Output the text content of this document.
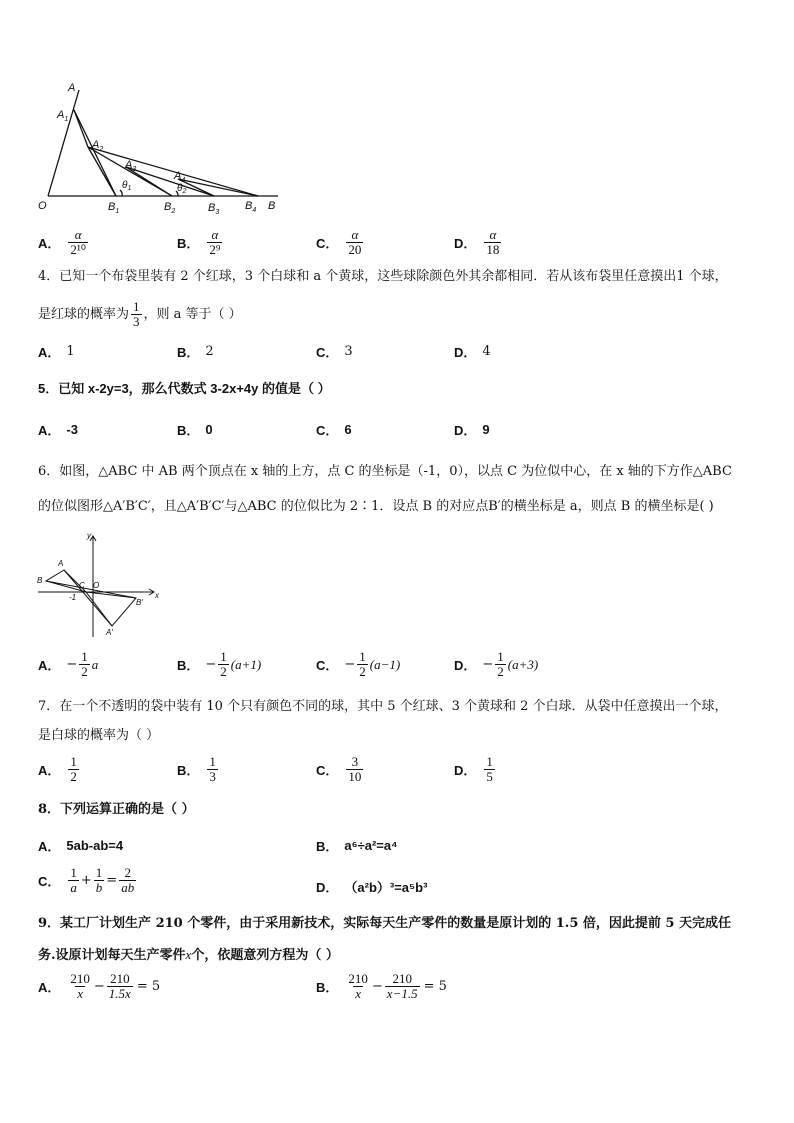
A
$A_1$
$A_2$
$A_3$
$A_4$
O	$B_1$	$B_2$	$B_3$
$B_4$ B
$\theta_1$	$\theta_2$
A． $\frac{\alpha}{\text{2¹⁰}}$	B． $\frac{\alpha}{\text{2⁹}}$	C． $\frac{\alpha}{20}$	D． $\frac{\alpha}{18}$
4．已知一个布袋里装有 2 个红球，3 个白球和 a 个黄球，这些球除颜色外其余都相同．若从该布袋里任意摸出1 个球，
是红球的概率为 $\frac{1}{3}$ ，则 a 等于（ ）
A． 1	B． 2	C． 3	D． 4
5．已知 x-2y=3，那么代数式 3-2x+4y 的值是（ ）
A． -3	B． 0	C． 6	D． 9
6．如图，△ABC 中 AB 两个顶点在 x 轴的上方，点 C 的坐标是（-1，0），以点 C 为位似中心，在 x 轴的下方作△ABC
的位似图形△A′B′C′，且△A′B′C′与△ABC 的位似比为 2∶1．设点 B 的对应点B′的横坐标是 a，则点 B 的横坐标是( )
y
x
A
B
C O
-1
B′
A′
A． − $\frac{1}{2}$ a	B． − $\frac{1}{2} (a+1)$	C． − $\frac{1}{2} (a-1)$	D． − $\frac{1}{2} (a+3)$
7．在一个不透明的袋中装有 10 个只有颜色不同的球，其中 5 个红球、3 个黄球和 2 个白球．从袋中任意摸出一个球，
是白球的概率为（ ）
A． $\frac{1}{2}$	B． $\frac{1}{3}$	C． $\frac{3}{10}$	D． $\frac{1}{5}$
8．下列运算正确的是（ ）
A． 5ab-ab=4	B． a⁶÷a²=a⁴
C． $\frac{1}{a} + \frac{1}{b} = \frac{2}{ab}$	D． （a²b）³=a⁵b³
9．某工厂计划生产 210 个零件，由于采用新技术，实际每天生产零件的数量是原计划的 1.5 倍，因此提前 5 天完成任
务.设原计划每天生产零件x个，依题意列方程为（ ）
A． $\frac{210}{x} - \frac{210}{1.5x} = 5$	B． $\frac{210}{x} - \frac{210}{x-1.5} = 5$
